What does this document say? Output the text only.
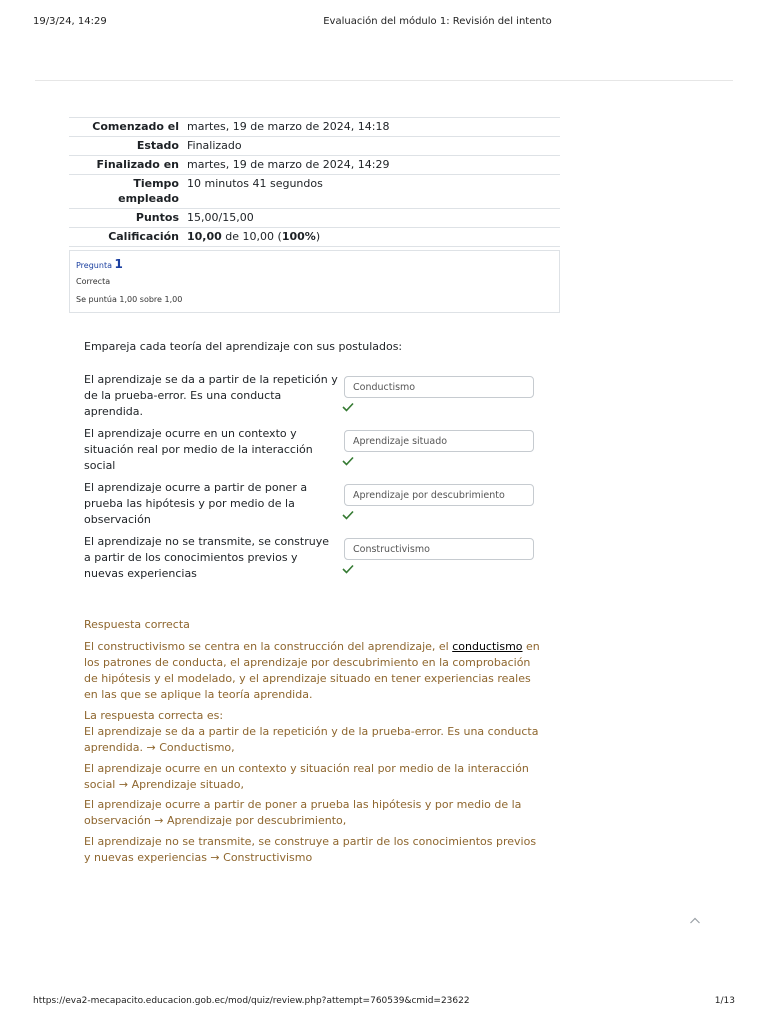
19/3/24, 14:29	Evaluación del módulo 1: Revisión del intento
Comenzado el	martes, 19 de marzo de 2024, 14:18
Estado	Finalizado
Finalizado en	martes, 19 de marzo de 2024, 14:29
Tiempo empleado	10 minutos 41 segundos
Puntos	15,00/15,00
Calificación	10,00 de 10,00 (100%)
Pregunta 1
Correcta
Se puntúa 1,00 sobre 1,00
Empareja cada teoría del aprendizaje con sus postulados:
El aprendizaje se da a partir de la repetición y de la prueba-error. Es una conducta aprendida.
Conductismo
El aprendizaje ocurre en un contexto y situación real por medio de la interacción social
Aprendizaje situado
El aprendizaje ocurre a partir de poner a prueba las hipótesis y por medio de la observación
Aprendizaje por descubrimiento
El aprendizaje no se transmite, se construye a partir de los conocimientos previos y nuevas experiencias
Constructivismo
Respuesta correcta
El constructivismo se centra en la construcción del aprendizaje, el conductismo en los patrones de conducta, el aprendizaje por descubrimiento en la comprobación de hipótesis y el modelado, y el aprendizaje situado en tener experiencias reales en las que se aplique la teoría aprendida.
La respuesta correcta es:
El aprendizaje se da a partir de la repetición y de la prueba-error. Es una conducta aprendida. → Conductismo,
El aprendizaje ocurre en un contexto y situación real por medio de la interacción social → Aprendizaje situado,
El aprendizaje ocurre a partir de poner a prueba las hipótesis y por medio de la observación → Aprendizaje por descubrimiento,
El aprendizaje no se transmite, se construye a partir de los conocimientos previos y nuevas experiencias → Constructivismo
https://eva2-mecapacito.educacion.gob.ec/mod/quiz/review.php?attempt=760539&cmid=23622	1/13
